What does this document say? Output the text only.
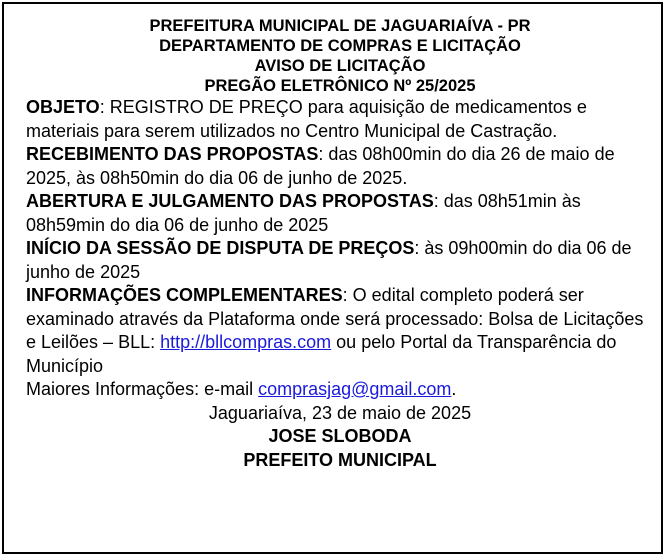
PREFEITURA MUNICIPAL DE JAGUARIAÍVA - PR
DEPARTAMENTO DE COMPRAS E LICITAÇÃO
AVISO DE LICITAÇÃO
PREGÃO ELETRÔNICO Nº 25/2025
OBJETO: REGISTRO DE PREÇO para aquisição de medicamentos e materiais para serem utilizados no Centro Municipal de Castração.
RECEBIMENTO DAS PROPOSTAS: das 08h00min do dia 26 de maio de 2025, às 08h50min do dia 06 de junho de 2025.
ABERTURA E JULGAMENTO DAS PROPOSTAS: das 08h51min às 08h59min do dia 06 de junho de 2025
INÍCIO DA SESSÃO DE DISPUTA DE PREÇOS: às 09h00min do dia 06 de junho de 2025
INFORMAÇÕES COMPLEMENTARES: O edital completo poderá ser examinado através da Plataforma onde será processado: Bolsa de Licitações e Leilões – BLL: http://bllcompras.com ou pelo Portal da Transparência do Município
Maiores Informações: e-mail comprasjag@gmail.com.
Jaguariaíva, 23 de maio de 2025
JOSE SLOBODA
PREFEITO MUNICIPAL
